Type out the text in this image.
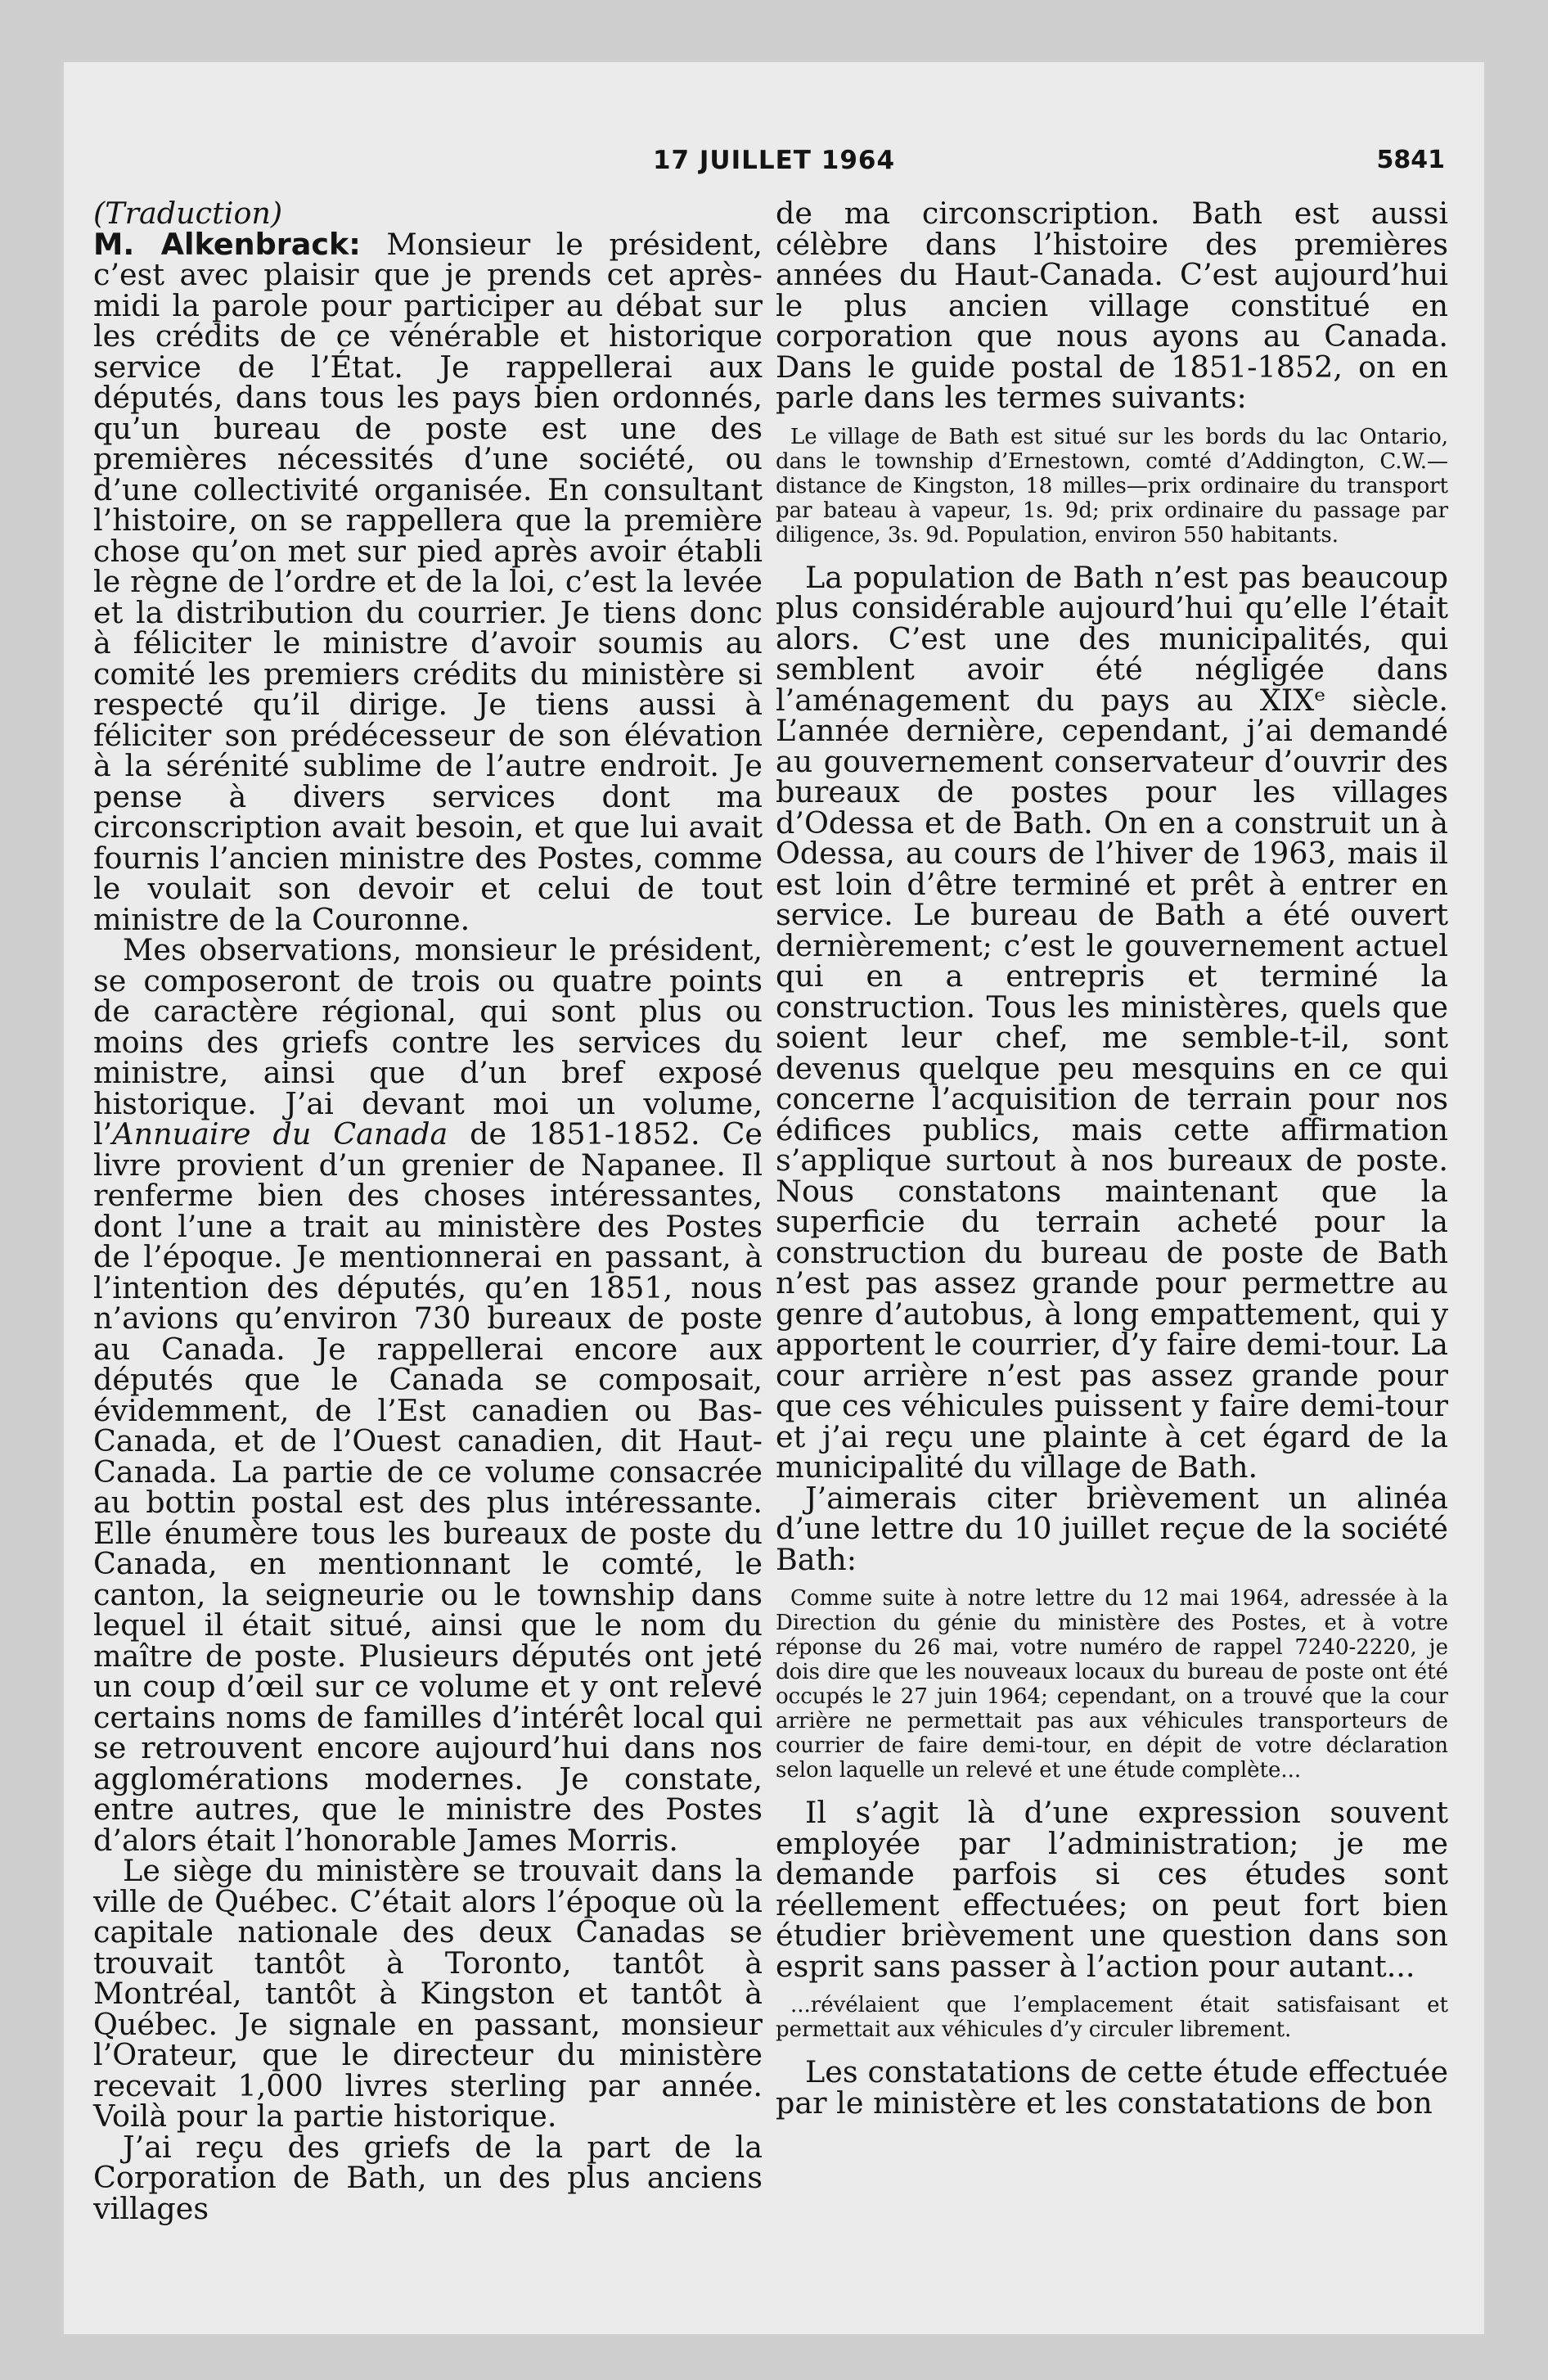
17 JUILLET 1964	5841

(Traduction)

M. Alkenbrack: Monsieur le président, c’est avec plaisir que je prends cet après-midi la parole pour participer au débat sur les crédits de ce vénérable et historique service de l’État. Je rappellerai aux députés, dans tous les pays bien ordonnés, qu’un bureau de poste est une des premières nécessités d’une société, ou d’une collectivité organisée. En consultant l’histoire, on se rappellera que la première chose qu’on met sur pied après avoir établi le règne de l’ordre et de la loi, c’est la levée et la distribution du courrier. Je tiens donc à féliciter le ministre d’avoir soumis au comité les premiers crédits du ministère si respecté qu’il dirige. Je tiens aussi à féliciter son prédécesseur de son élévation à la sérénité sublime de l’autre endroit. Je pense à divers services dont ma circonscription avait besoin, et que lui avait fournis l’ancien ministre des Postes, comme le voulait son devoir et celui de tout ministre de la Couronne.

Mes observations, monsieur le président, se composeront de trois ou quatre points de caractère régional, qui sont plus ou moins des griefs contre les services du ministre, ainsi que d’un bref exposé historique. J’ai devant moi un volume, l’Annuaire du Canada de 1851-1852. Ce livre provient d’un grenier de Napanee. Il renferme bien des choses intéressantes, dont l’une a trait au ministère des Postes de l’époque. Je mentionnerai en passant, à l’intention des députés, qu’en 1851, nous n’avions qu’environ 730 bureaux de poste au Canada. Je rappellerai encore aux députés que le Canada se composait, évidemment, de l’Est canadien ou Bas-Canada, et de l’Ouest canadien, dit Haut-Canada. La partie de ce volume consacrée au bottin postal est des plus intéressante. Elle énumère tous les bureaux de poste du Canada, en mentionnant le comté, le canton, la seigneurie ou le township dans lequel il était situé, ainsi que le nom du maître de poste. Plusieurs députés ont jeté un coup d’œil sur ce volume et y ont relevé certains noms de familles d’intérêt local qui se retrouvent encore aujourd’hui dans nos agglomérations modernes. Je constate, entre autres, que le ministre des Postes d’alors était l’honorable James Morris.

Le siège du ministère se trouvait dans la ville de Québec. C’était alors l’époque où la capitale nationale des deux Canadas se trouvait tantôt à Toronto, tantôt à Montréal, tantôt à Kingston et tantôt à Québec. Je signale en passant, monsieur l’Orateur, que le directeur du ministère recevait 1,000 livres sterling par année. Voilà pour la partie historique.

J’ai reçu des griefs de la part de la Corporation de Bath, un des plus anciens villages

de ma circonscription. Bath est aussi célèbre dans l’histoire des premières années du Haut-Canada. C’est aujourd’hui le plus ancien village constitué en corporation que nous ayons au Canada. Dans le guide postal de 1851-1852, on en parle dans les termes suivants:

Le village de Bath est situé sur les bords du lac Ontario, dans le township d’Ernestown, comté d’Addington, C.W.—distance de Kingston, 18 milles—prix ordinaire du transport par bateau à vapeur, 1s. 9d; prix ordinaire du passage par diligence, 3s. 9d. Population, environ 550 habitants.

La population de Bath n’est pas beaucoup plus considérable aujourd’hui qu’elle l’était alors. C’est une des municipalités, qui semblent avoir été négligée dans l’aménagement du pays au XIXᵉ siècle. L’année dernière, cependant, j’ai demandé au gouvernement conservateur d’ouvrir des bureaux de postes pour les villages d’Odessa et de Bath. On en a construit un à Odessa, au cours de l’hiver de 1963, mais il est loin d’être terminé et prêt à entrer en service. Le bureau de Bath a été ouvert dernièrement; c’est le gouvernement actuel qui en a entrepris et terminé la construction. Tous les ministères, quels que soient leur chef, me semble-t-il, sont devenus quelque peu mesquins en ce qui concerne l’acquisition de terrain pour nos édifices publics, mais cette affirmation s’applique surtout à nos bureaux de poste. Nous constatons maintenant que la superficie du terrain acheté pour la construction du bureau de poste de Bath n’est pas assez grande pour permettre au genre d’autobus, à long empattement, qui y apportent le courrier, d’y faire demi-tour. La cour arrière n’est pas assez grande pour que ces véhicules puissent y faire demi-tour et j’ai reçu une plainte à cet égard de la municipalité du village de Bath.

J’aimerais citer brièvement un alinéa d’une lettre du 10 juillet reçue de la société Bath:

Comme suite à notre lettre du 12 mai 1964, adressée à la Direction du génie du ministère des Postes, et à votre réponse du 26 mai, votre numéro de rappel 7240-2220, je dois dire que les nouveaux locaux du bureau de poste ont été occupés le 27 juin 1964; cependant, on a trouvé que la cour arrière ne permettait pas aux véhicules transporteurs de courrier de faire demi-tour, en dépit de votre déclaration selon laquelle un relevé et une étude complète...

Il s’agit là d’une expression souvent employée par l’administration; je me demande parfois si ces études sont réellement effectuées; on peut fort bien étudier brièvement une question dans son esprit sans passer à l’action pour autant...

...révélaient que l’emplacement était satisfaisant et permettait aux véhicules d’y circuler librement.

Les constatations de cette étude effectuée par le ministère et les constatations de bon
